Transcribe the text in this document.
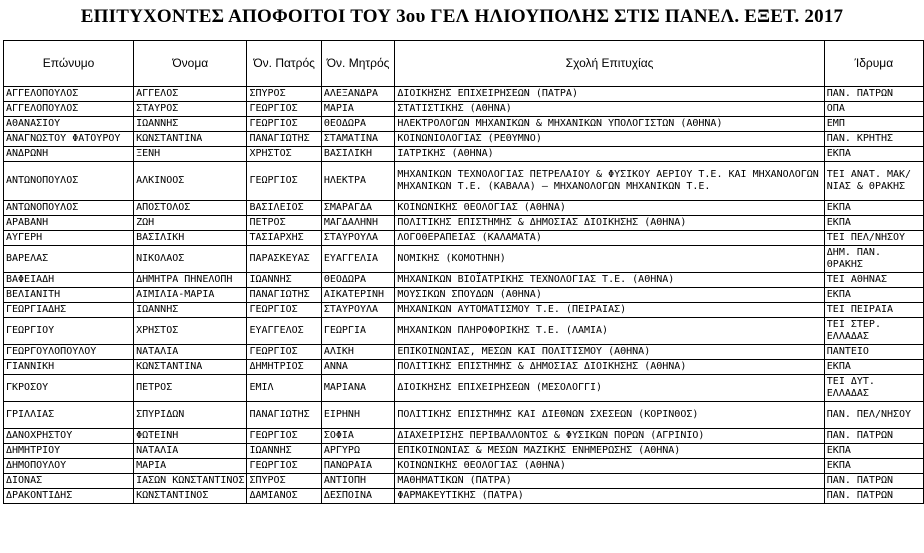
ΕΠΙΤΥΧΟΝΤΕΣ ΑΠΟΦΟΙΤΟΙ ΤΟΥ 3ου ΓΕΛ ΗΛΙΟΥΠΟΛΗΣ ΣΤΙΣ ΠΑΝΕΛ. ΕΞΕΤ. 2017
Επώνυμο	Όνομα	Όν. Πατρός	Όν. Μητρός	Σχολή Επιτυχίας	Ίδρυμα
ΑΓΓΕΛΟΠΟΥΛΟΣ	ΑΓΓΕΛΟΣ	ΣΠΥΡΟΣ	ΑΛΕΞΑΝΔΡΑ	ΔΙΟΙΚΗΣΗΣ ΕΠΙΧΕΙΡΗΣΕΩΝ (ΠΑΤΡΑ)	ΠΑΝ. ΠΑΤΡΩΝ
ΑΓΓΕΛΟΠΟΥΛΟΣ	ΣΤΑΥΡΟΣ	ΓΕΩΡΓΙΟΣ	ΜΑΡΙΑ	ΣΤΑΤΙΣΤΙΚΗΣ (ΑΘΗΝΑ)	ΟΠΑ
ΑΘΑΝΑΣΙΟΥ	ΙΩΑΝΝΗΣ	ΓΕΩΡΓΙΟΣ	ΘΕΟΔΩΡΑ	ΗΛΕΚΤΡΟΛΟΓΩΝ ΜΗΧΑΝΙΚΩΝ & ΜΗΧΑΝΙΚΩΝ ΥΠΟΛΟΓΙΣΤΩΝ (ΑΘΗΝΑ)	ΕΜΠ
ΑΝΑΓΝΩΣΤΟΥ ΦΑΤΟΥΡΟΥ	ΚΩΝΣΤΑΝΤΙΝΑ	ΠΑΝΑΓΙΩΤΗΣ	ΣΤΑΜΑΤΙΝΑ	ΚΟΙΝΩΝΙΟΛΟΓΙΑΣ (ΡΕΘΥΜΝΟ)	ΠΑΝ. ΚΡΗΤΗΣ
ΑΝΔΡΩΝΗ	ΞΕΝΗ	ΧΡΗΣΤΟΣ	ΒΑΣΙΛΙΚΗ	ΙΑΤΡΙΚΗΣ (ΑΘΗΝΑ)	ΕΚΠΑ
ΑΝΤΩΝΟΠΟΥΛΟΣ	ΑΛΚΙΝΟΟΣ	ΓΕΩΡΓΙΟΣ	ΗΛΕΚΤΡΑ	ΜΗΧΑΝΙΚΩΝ ΤΕΧΝΟΛΟΓΙΑΣ ΠΕΤΡΕΛΑΙΟΥ & ΦΥΣΙΚΟΥ ΑΕΡΙΟΥ Τ.Ε. ΚΑΙ ΜΗΧΑΝΟΛΟΓΩΝ ΜΗΧΑΝΙΚΩΝ Τ.Ε. (ΚΑΒΑΛΑ) – ΜΗΧΑΝΟΛΟΓΩΝ ΜΗΧΑΝΙΚΩΝ Τ.Ε.	ΤΕΙ ΑΝΑΤ. ΜΑΚ/ΝΙΑΣ & ΘΡΑΚΗΣ
ΑΝΤΩΝΟΠΟΥΛΟΣ	ΑΠΟΣΤΟΛΟΣ	ΒΑΣΙΛΕΙΟΣ	ΣΜΑΡΑΓΔΑ	ΚΟΙΝΩΝΙΚΗΣ ΘΕΟΛΟΓΙΑΣ (ΑΘΗΝΑ)	ΕΚΠΑ
ΑΡΑΒΑΝΗ	ΖΩΗ	ΠΕΤΡΟΣ	ΜΑΓΔΑΛΗΝΗ	ΠΟΛΙΤΙΚΗΣ ΕΠΙΣΤΗΜΗΣ & ΔΗΜΟΣΙΑΣ ΔΙΟΙΚΗΣΗΣ (ΑΘΗΝΑ)	ΕΚΠΑ
ΑΥΓΕΡΗ	ΒΑΣΙΛΙΚΗ	ΤΑΣΙΑΡΧΗΣ	ΣΤΑΥΡΟΥΛΑ	ΛΟΓΟΘΕΡΑΠΕΙΑΣ (ΚΑΛΑΜΑΤΑ)	ΤΕΙ ΠΕΛ/ΝΗΣΟΥ
ΒΑΡΕΛΑΣ	ΝΙΚΟΛΑΟΣ	ΠΑΡΑΣΚΕΥΑΣ	ΕΥΑΓΓΕΛΙΑ	ΝΟΜΙΚΗΣ (ΚΟΜΟΤΗΝΗ)	ΔΗΜ. ΠΑΝ. ΘΡΑΚΗΣ
ΒΑΦΕΙΑΔΗ	ΔΗΜΗΤΡΑ ΠΗΝΕΛΟΠΗ	ΙΩΑΝΝΗΣ	ΘΕΟΔΩΡΑ	ΜΗΧΑΝΙΚΩΝ ΒΙΟΪΑΤΡΙΚΗΣ ΤΕΧΝΟΛΟΓΙΑΣ Τ.Ε. (ΑΘΗΝΑ)	ΤΕΙ ΑΘΗΝΑΣ
ΒΕΛΙΑΝΙΤΗ	ΑΙΜΙΛΙΑ-ΜΑΡΙΑ	ΠΑΝΑΓΙΩΤΗΣ	ΑΙΚΑΤΕΡΙΝΗ	ΜΟΥΣΙΚΩΝ ΣΠΟΥΔΩΝ (ΑΘΗΝΑ)	ΕΚΠΑ
ΓΕΩΡΓΙΑΔΗΣ	ΙΩΑΝΝΗΣ	ΓΕΩΡΓΙΟΣ	ΣΤΑΥΡΟΥΛΑ	ΜΗΧΑΝΙΚΩΝ ΑΥΤΟΜΑΤΙΣΜΟΥ Τ.Ε. (ΠΕΙΡΑΙΑΣ)	ΤΕΙ ΠΕΙΡΑΙΑ
ΓΕΩΡΓΙΟΥ	ΧΡΗΣΤΟΣ	ΕΥΑΓΓΕΛΟΣ	ΓΕΩΡΓΙΑ	ΜΗΧΑΝΙΚΩΝ ΠΛΗΡΟΦΟΡΙΚΗΣ Τ.Ε. (ΛΑΜΙΑ)	ΤΕΙ ΣΤΕΡ. ΕΛΛΑΔΑΣ
ΓΕΩΡΓΟΥΛΟΠΟΥΛΟΥ	ΝΑΤΑΛΙΑ	ΓΕΩΡΓΙΟΣ	ΑΛΙΚΗ	ΕΠΙΚΟΙΝΩΝΙΑΣ, ΜΕΣΩΝ ΚΑΙ ΠΟΛΙΤΙΣΜΟΥ (ΑΘΗΝΑ)	ΠΑΝΤΕΙΟ
ΓΙΑΝΝΙΚΗ	ΚΩΝΣΤΑΝΤΙΝΑ	ΔΗΜΗΤΡΙΟΣ	ΑΝΝΑ	ΠΟΛΙΤΙΚΗΣ ΕΠΙΣΤΗΜΗΣ & ΔΗΜΟΣΙΑΣ ΔΙΟΙΚΗΣΗΣ (ΑΘΗΝΑ)	ΕΚΠΑ
ΓΚΡΟΣΟΥ	ΠΕΤΡΟΣ	ΕΜΙΛ	ΜΑΡΙΑΝΑ	ΔΙΟΙΚΗΣΗΣ ΕΠΙΧΕΙΡΗΣΕΩΝ (ΜΕΣΟΛΟΓΓΙ)	ΤΕΙ ΔΥΤ. ΕΛΛΑΔΑΣ
ΓΡΙΛΛΙΑΣ	ΣΠΥΡΙΔΩΝ	ΠΑΝΑΓΙΩΤΗΣ	ΕΙΡΗΝΗ	ΠΟΛΙΤΙΚΗΣ ΕΠΙΣΤΗΜΗΣ ΚΑΙ ΔΙΕΘΝΩΝ ΣΧΕΣΕΩΝ (ΚΟΡΙΝΘΟΣ)	ΠΑΝ. ΠΕΛ/ΝΗΣΟΥ
ΔΑΝΟΧΡΗΣΤΟΥ	ΦΩΤΕΙΝΗ	ΓΕΩΡΓΙΟΣ	ΣΟΦΙΑ	ΔΙΑΧΕΙΡΙΣΗΣ ΠΕΡΙΒΑΛΛΟΝΤΟΣ & ΦΥΣΙΚΩΝ ΠΟΡΩΝ (ΑΓΡΙΝΙΟ)	ΠΑΝ. ΠΑΤΡΩΝ
ΔΗΜΗΤΡΙΟΥ	ΝΑΤΑΛΙΑ	ΙΩΑΝΝΗΣ	ΑΡΓΥΡΩ	ΕΠΙΚΟΙΝΩΝΙΑΣ & ΜΕΣΩΝ ΜΑΖΙΚΗΣ ΕΝΗΜΕΡΩΣΗΣ (ΑΘΗΝΑ)	ΕΚΠΑ
ΔΗΜΟΠΟΥΛΟΥ	ΜΑΡΙΑ	ΓΕΩΡΓΙΟΣ	ΠΑΝΩΡΑΙΑ	ΚΟΙΝΩΝΙΚΗΣ ΘΕΟΛΟΓΙΑΣ (ΑΘΗΝΑ)	ΕΚΠΑ
ΔΙΟΝΑΣ	ΙΑΣΩΝ ΚΩΝΣΤΑΝΤΙΝΟΣ	ΣΠΥΡΟΣ	ΑΝΤΙΟΠΗ	ΜΑΘΗΜΑΤΙΚΩΝ (ΠΑΤΡΑ)	ΠΑΝ. ΠΑΤΡΩΝ
ΔΡΑΚΟΝΤΙΔΗΣ	ΚΩΝΣΤΑΝΤΙΝΟΣ	ΔΑΜΙΑΝΟΣ	ΔΕΣΠΟΙΝΑ	ΦΑΡΜΑΚΕΥΤΙΚΗΣ (ΠΑΤΡΑ)	ΠΑΝ. ΠΑΤΡΩΝ
